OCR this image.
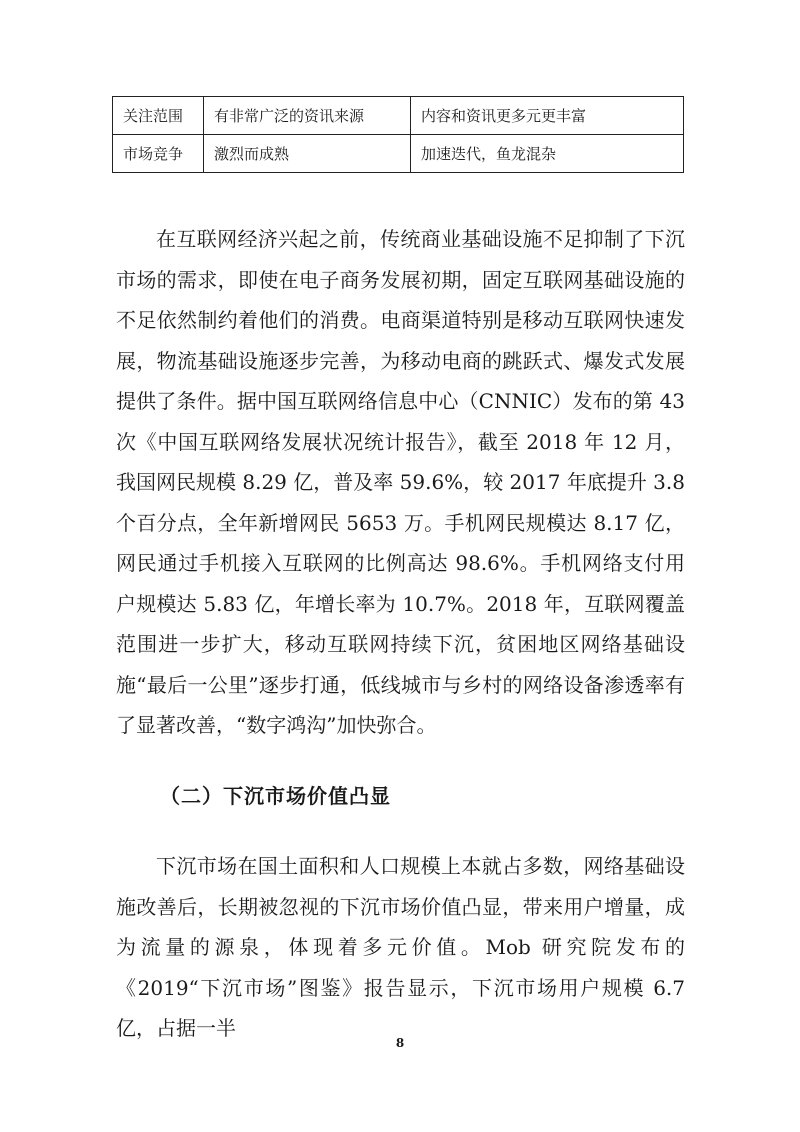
关注范围	有非常广泛的资讯来源	内容和资讯更多元更丰富
市场竞争	激烈而成熟	加速迭代，鱼龙混杂

在互联网经济兴起之前，传统商业基础设施不足抑制了下沉市场的需求，即使在电子商务发展初期，固定互联网基础设施的不足依然制约着他们的消费。电商渠道特别是移动互联网快速发展，物流基础设施逐步完善，为移动电商的跳跃式、爆发式发展提供了条件。据中国互联网络信息中心（CNNIC）发布的第 43 次《中国互联网络发展状况统计报告》，截至 2018 年 12 月，我国网民规模 8.29 亿，普及率 59.6%，较 2017 年底提升 3.8 个百分点，全年新增网民 5653 万。手机网民规模达 8.17 亿，网民通过手机接入互联网的比例高达 98.6%。手机网络支付用户规模达 5.83 亿，年增长率为 10.7%。2018 年，互联网覆盖范围进一步扩大，移动互联网持续下沉，贫困地区网络基础设施“最后一公里”逐步打通，低线城市与乡村的网络设备渗透率有了显著改善，“数字鸿沟”加快弥合。

（二）下沉市场价值凸显

下沉市场在国土面积和人口规模上本就占多数，网络基础设施改善后，长期被忽视的下沉市场价值凸显，带来用户增量，成为流量的源泉，体现着多元价值。Mob 研究院发布的《2019“下沉市场”图鉴》报告显示，下沉市场用户规模 6.7 亿，占据一半

8
